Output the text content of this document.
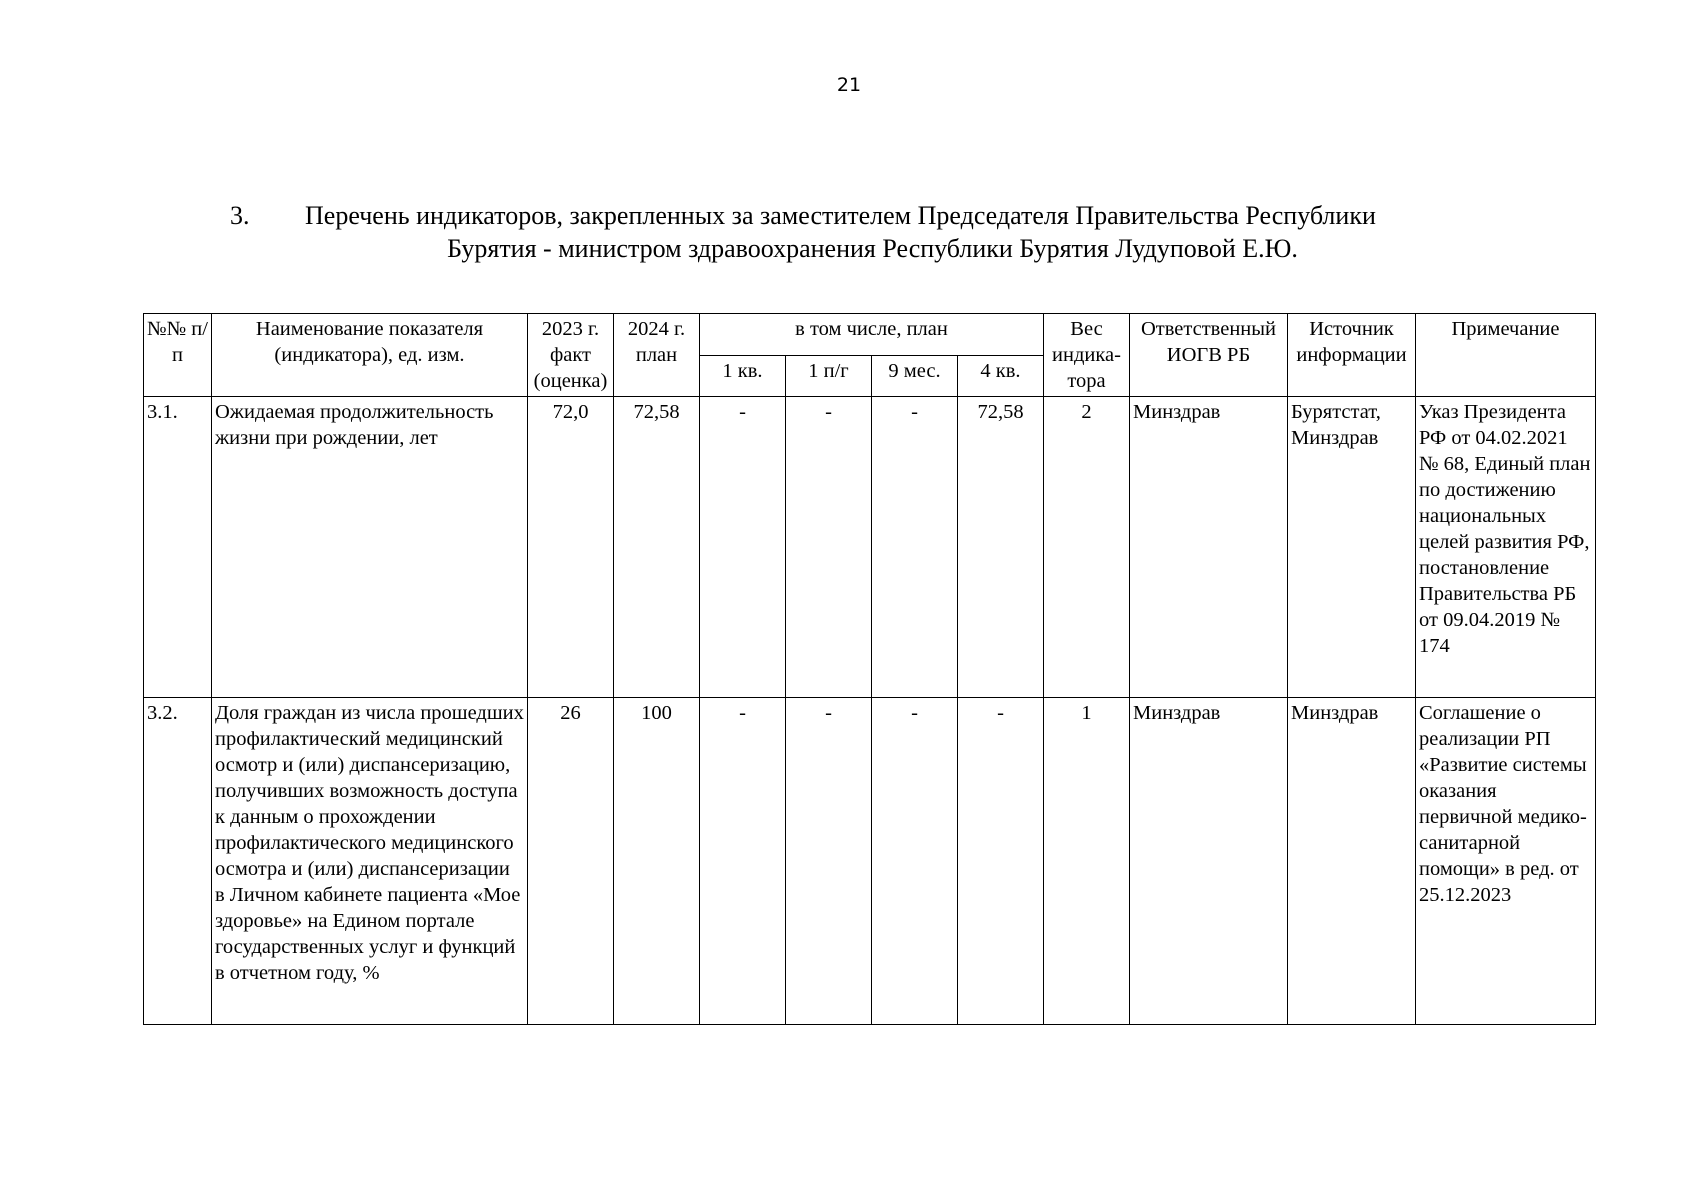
21
3. Перечень индикаторов, закрепленных за заместителем Председателя Правительства Республики
Бурятия - министром здравоохранения Республики Бурятия Лудуповой Е.Ю.
№№ п/п	Наименование показателя (индикатора), ед. изм.	2023 г. факт (оценка)	2024 г. план	в том числе, план				Вес индика-тора	Ответственный ИОГВ РБ	Источник информации	Примечание
				1 кв.	1 п/г	9 мес.	4 кв.				
3.1.	Ожидаемая продолжительность жизни при рождении, лет	72,0	72,58	-	-	-	72,58	2	Минздрав	Бурятстат, Минздрав	Указ Президента РФ от 04.02.2021 № 68, Единый план по достижению национальных целей развития РФ, постановление Правительства РБ от 09.04.2019 № 174
3.2.	Доля граждан из числа прошедших профилактический медицинский осмотр и (или) диспансеризацию, получивших возможность доступа к данным о прохождении профилактического медицинского осмотра и (или) диспансеризации в Личном кабинете пациента «Мое здоровье» на Едином портале государственных услуг и функций в отчетном году, %	26	100	-	-	-	-	1	Минздрав	Минздрав	Соглашение о реализации РП «Развитие системы оказания первичной медико-санитарной помощи» в ред. от 25.12.2023
